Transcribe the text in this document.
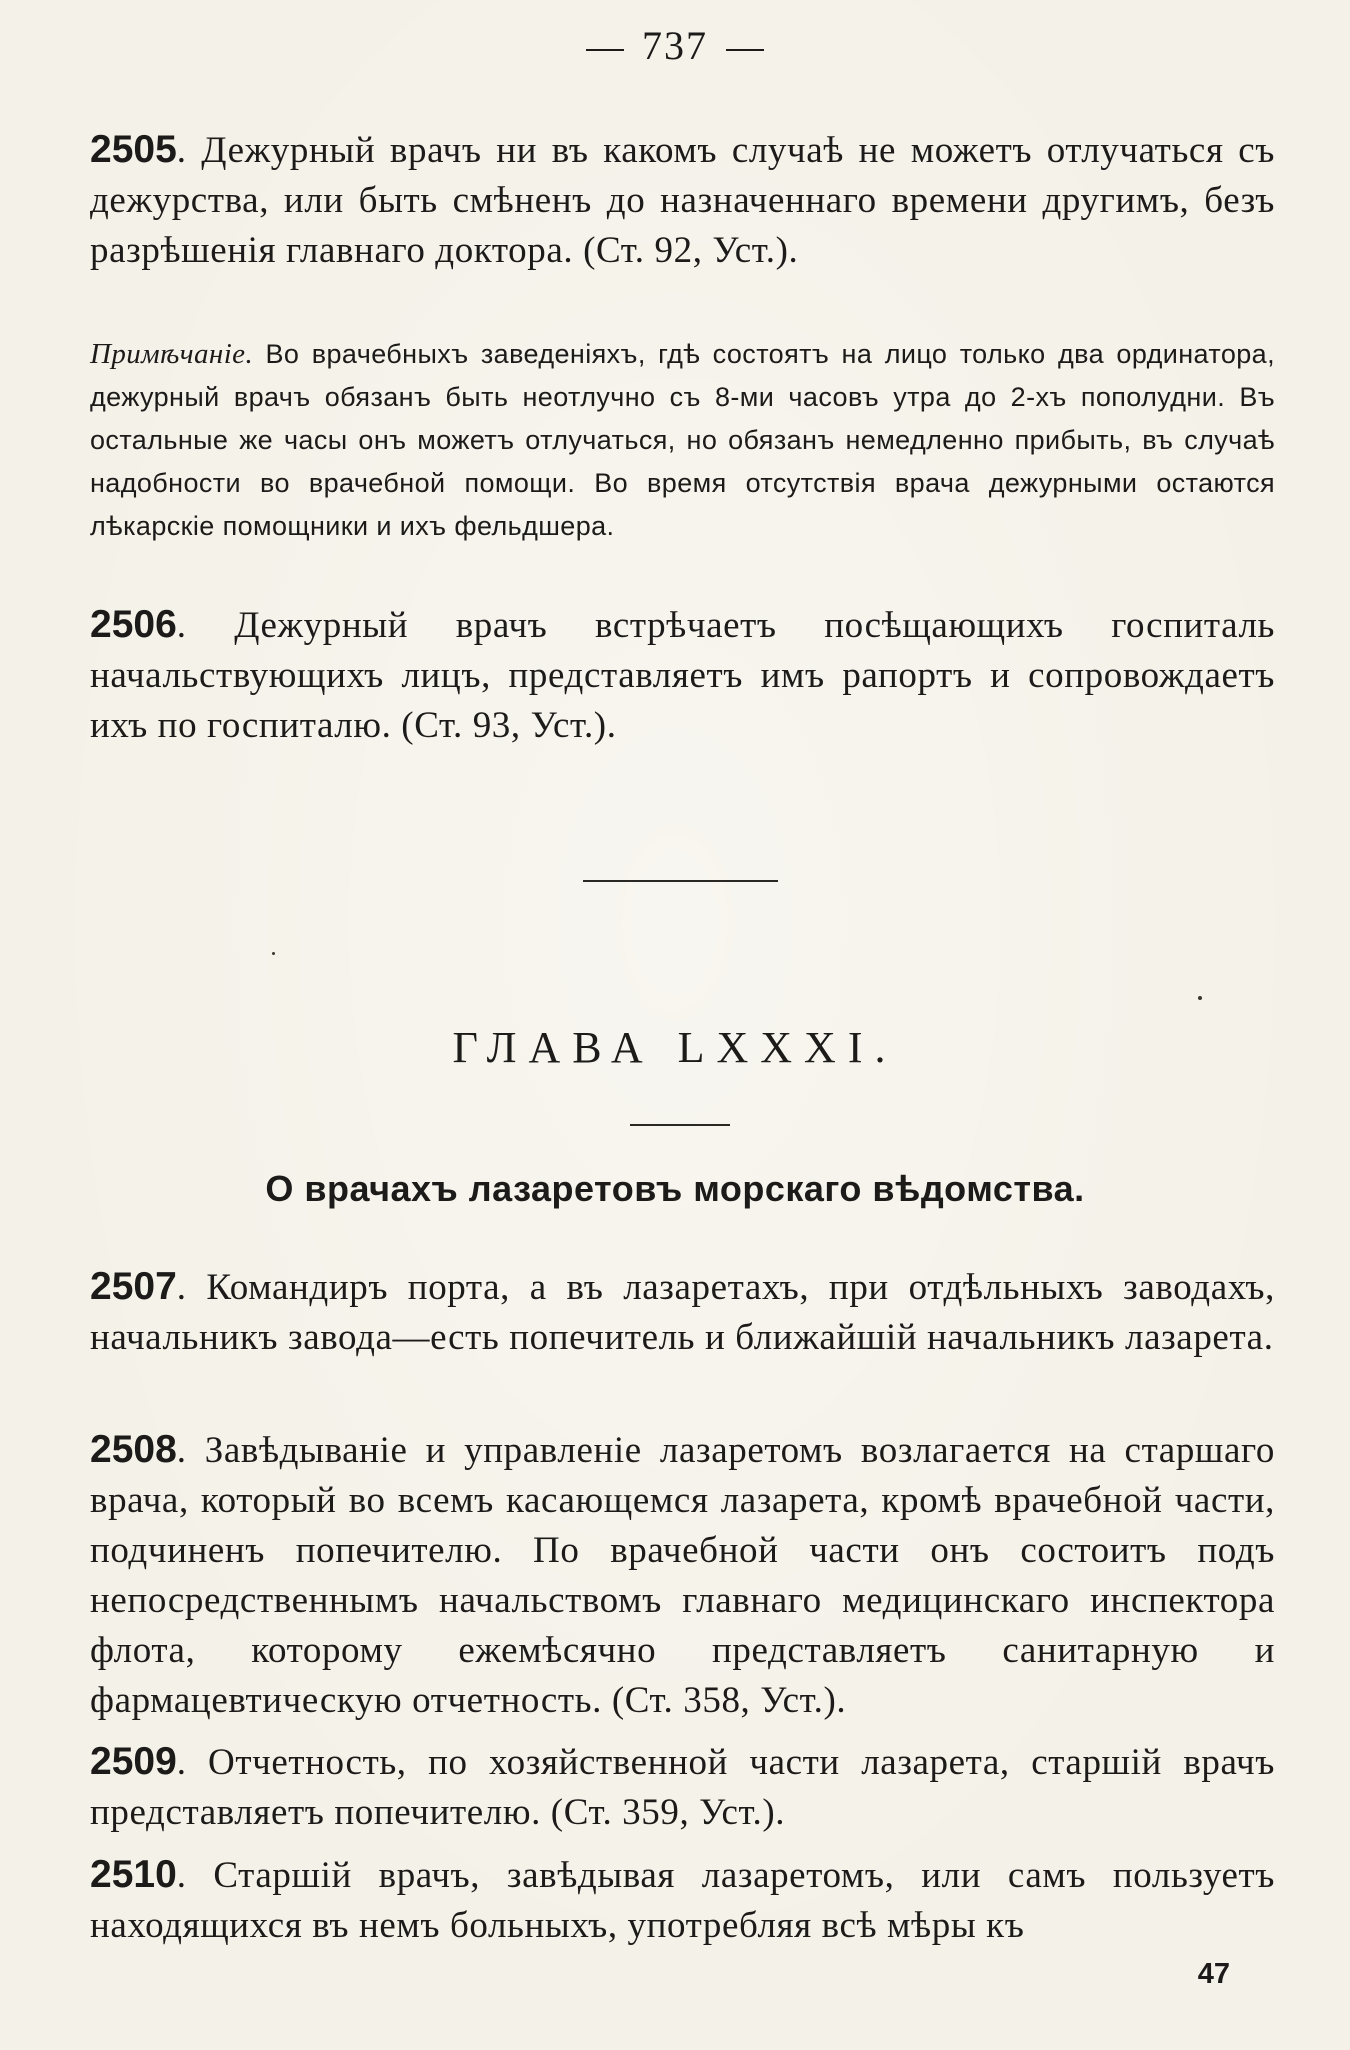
737
2505. Дежурный врачъ ни въ какомъ случаѣ не можетъ отлучаться съ дежурства, или быть смѣненъ до назначеннаго времени другимъ, безъ разрѣшенія главнаго доктора. (Ст. 92, Уст.).
Примѣчаніе. Во врачебныхъ заведеніяхъ, гдѣ состоятъ на лицо только два ординатора, дежурный врачъ обязанъ быть неотлучно съ 8-ми часовъ утра до 2-хъ пополудни. Въ остальные же часы онъ можетъ отлучаться, но обязанъ немедленно прибыть, въ случаѣ надобности во врачебной помощи. Во время отсутствія врача дежурными остаются лѣкарскіе помощники и ихъ фельдшера.
2506. Дежурный врачъ встрѣчаетъ посѣщающихъ госпиталь начальствующихъ лицъ, представляетъ имъ рапортъ и сопровождаетъ ихъ по госпиталю. (Ст. 93, Уст.).
ГЛАВА LXXXI.
О врачахъ лазаретовъ морскаго вѣдомства.
2507. Командиръ порта, а въ лазаретахъ, при отдѣльныхъ заводахъ, начальникъ завода—есть попечитель и ближайшій начальникъ лазарета.
2508. Завѣдываніе и управленіе лазаретомъ возлагается на старшаго врача, который во всемъ касающемся лазарета, кромѣ врачебной части, подчиненъ попечителю. По врачебной части онъ состоитъ подъ непосредственнымъ начальствомъ главнаго медицинскаго инспектора флота, которому ежемѣсячно представляетъ санитарную и фармацевтическую отчетность. (Ст. 358, Уст.).
2509. Отчетность, по хозяйственной части лазарета, старшій врачъ представляетъ попечителю. (Ст. 359, Уст.).
2510. Старшій врачъ, завѣдывая лазаретомъ, или самъ пользуетъ находящихся въ немъ больныхъ, употребляя всѣ мѣры къ
47
